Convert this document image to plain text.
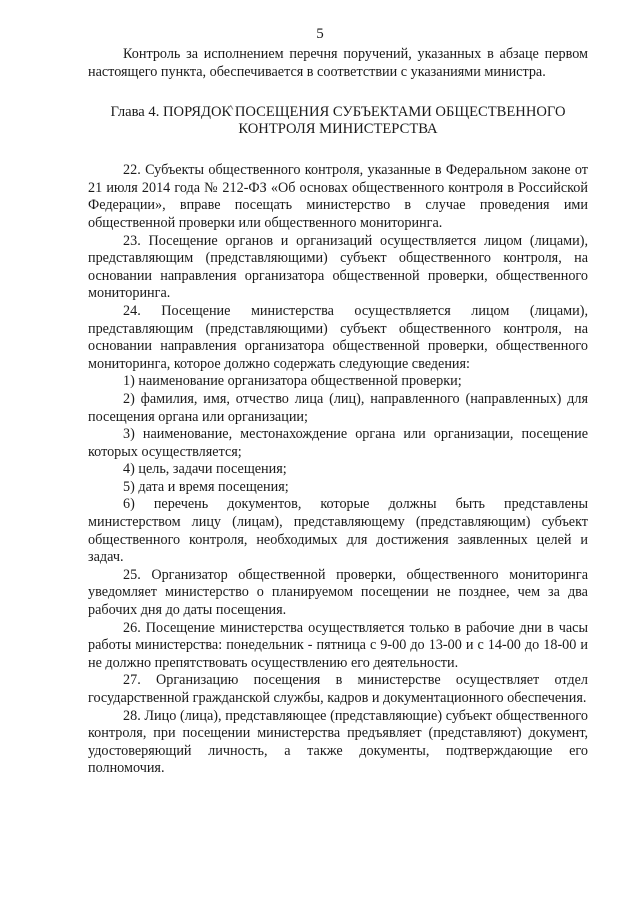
5

Контроль за исполнением перечня поручений, указанных в абзаце первом настоящего пункта, обеспечивается в соответствии с указаниями министра.

Глава 4. ПОРЯДОК ПОСЕЩЕНИЯ СУБЪЕКТАМИ ОБЩЕСТВЕННОГО
КОНТРОЛЯ МИНИСТЕРСТВА

22. Субъекты общественного контроля, указанные в Федеральном законе от 21 июля 2014 года № 212-ФЗ «Об основах общественного контроля в Российской Федерации», вправе посещать министерство в случае проведения ими общественной проверки или общественного мониторинга.

23. Посещение органов и организаций осуществляется лицом (лицами), представляющим (представляющими) субъект общественного контроля, на основании направления организатора общественной проверки, общественного мониторинга.

24. Посещение министерства осуществляется лицом (лицами), представляющим (представляющими) субъект общественного контроля, на основании направления организатора общественной проверки, общественного мониторинга, которое должно содержать следующие сведения:

1) наименование организатора общественной проверки;

2) фамилия, имя, отчество лица (лиц), направленного (направленных) для посещения органа или организации;

3) наименование, местонахождение органа или организации, посещение которых осуществляется;

4) цель, задачи посещения;

5) дата и время посещения;

6) перечень документов, которые должны быть представлены министерством лицу (лицам), представляющему (представляющим) субъект общественного контроля, необходимых для достижения заявленных целей и задач.

25. Организатор общественной проверки, общественного мониторинга уведомляет министерство о планируемом посещении не позднее, чем за два рабочих дня до даты посещения.

26. Посещение министерства осуществляется только в рабочие дни в часы работы министерства: понедельник - пятница с 9-00 до 13-00 и с 14-00 до 18-00 и не должно препятствовать осуществлению его деятельности.

27. Организацию посещения в министерстве осуществляет отдел государственной гражданской службы, кадров и документационного обеспечения.

28. Лицо (лица), представляющее (представляющие) субъект общественного контроля, при посещении министерства предъявляет (представляют) документ, удостоверяющий личность, а также документы, подтверждающие его полномочия.
